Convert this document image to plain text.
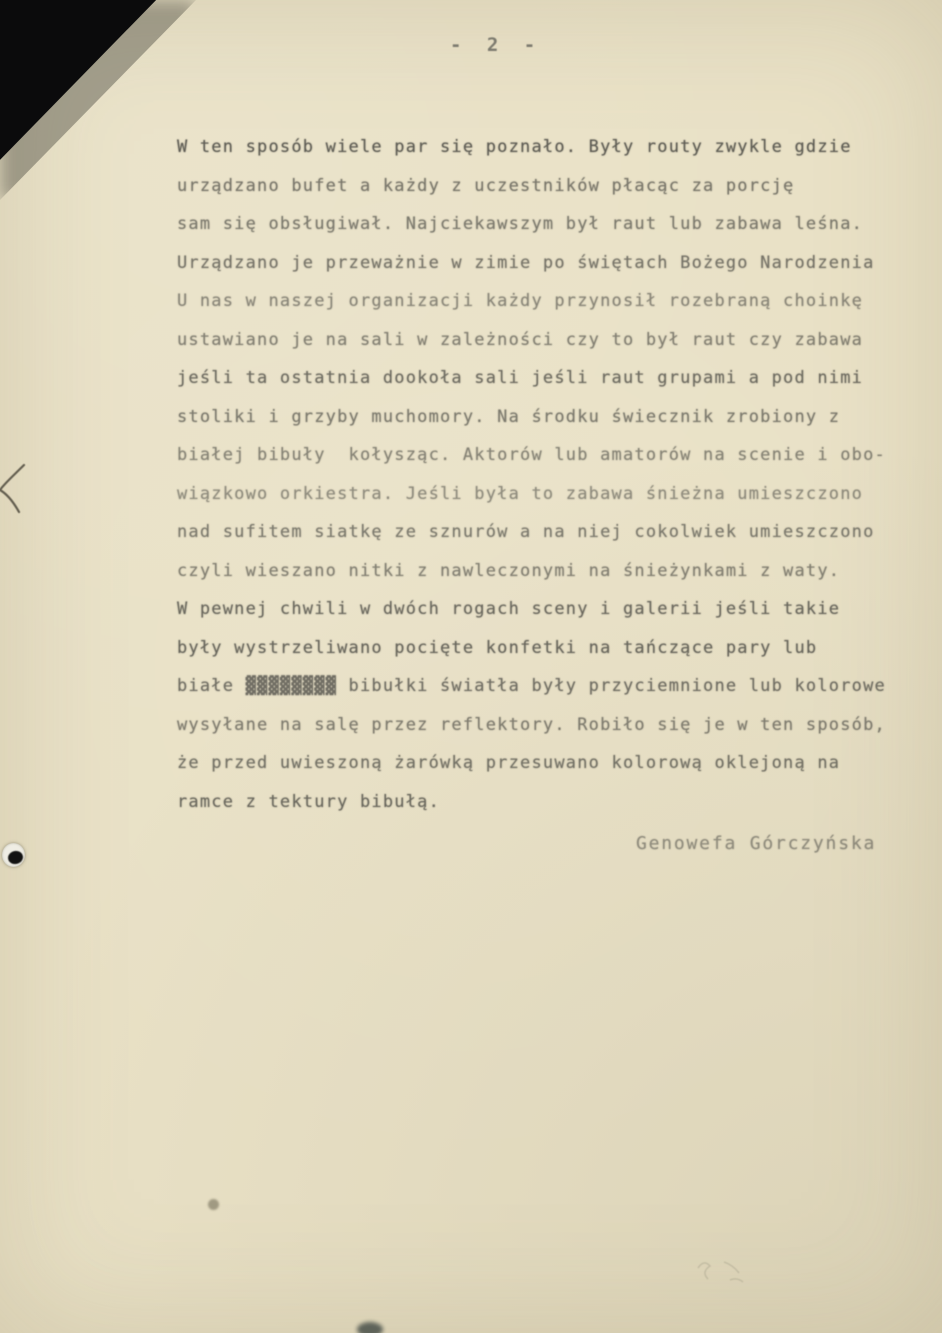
- 2 -

W ten sposób wiele par się poznało. Były routy zwykle gdzie

urządzano bufet a każdy z uczestników płacąc za porcję

sam się obsługiwał. Najciekawszym był raut lub zabawa leśna.

Urządzano je przeważnie w zimie po świętach Bożego Narodzenia

U nas w naszej organizacji każdy przynosił rozebraną choinkę

ustawiano je na sali w zależności czy to był raut czy zabawa

jeśli ta ostatnia dookoła sali jeśli raut grupami a pod nimi

stoliki i grzyby muchomory. Na środku świecznik zrobiony z

białej bibuły  kołysząc. Aktorów lub amatorów na scenie i obo-

wiązkowo orkiestra. Jeśli była to zabawa śnieżna umieszczono

nad sufitem siatkę ze sznurów a na niej cokolwiek umieszczono

czyli wieszano nitki z nawleczonymi na śnieżynkami z waty.

W pewnej chwili w dwóch rogach sceny i galerii jeśli takie

były wystrzeliwano pocięte konfetki na tańczące pary lub

białe ▓▓▓▓▓▓▓▓ bibułki światła były przyciemnione lub kolorowe

wysyłane na salę przez reflektory. Robiło się je w ten sposób,

że przed uwieszoną żarówką przesuwano kolorową oklejoną na

ramce z tektury bibułą.

Genowefa Górczyńska
